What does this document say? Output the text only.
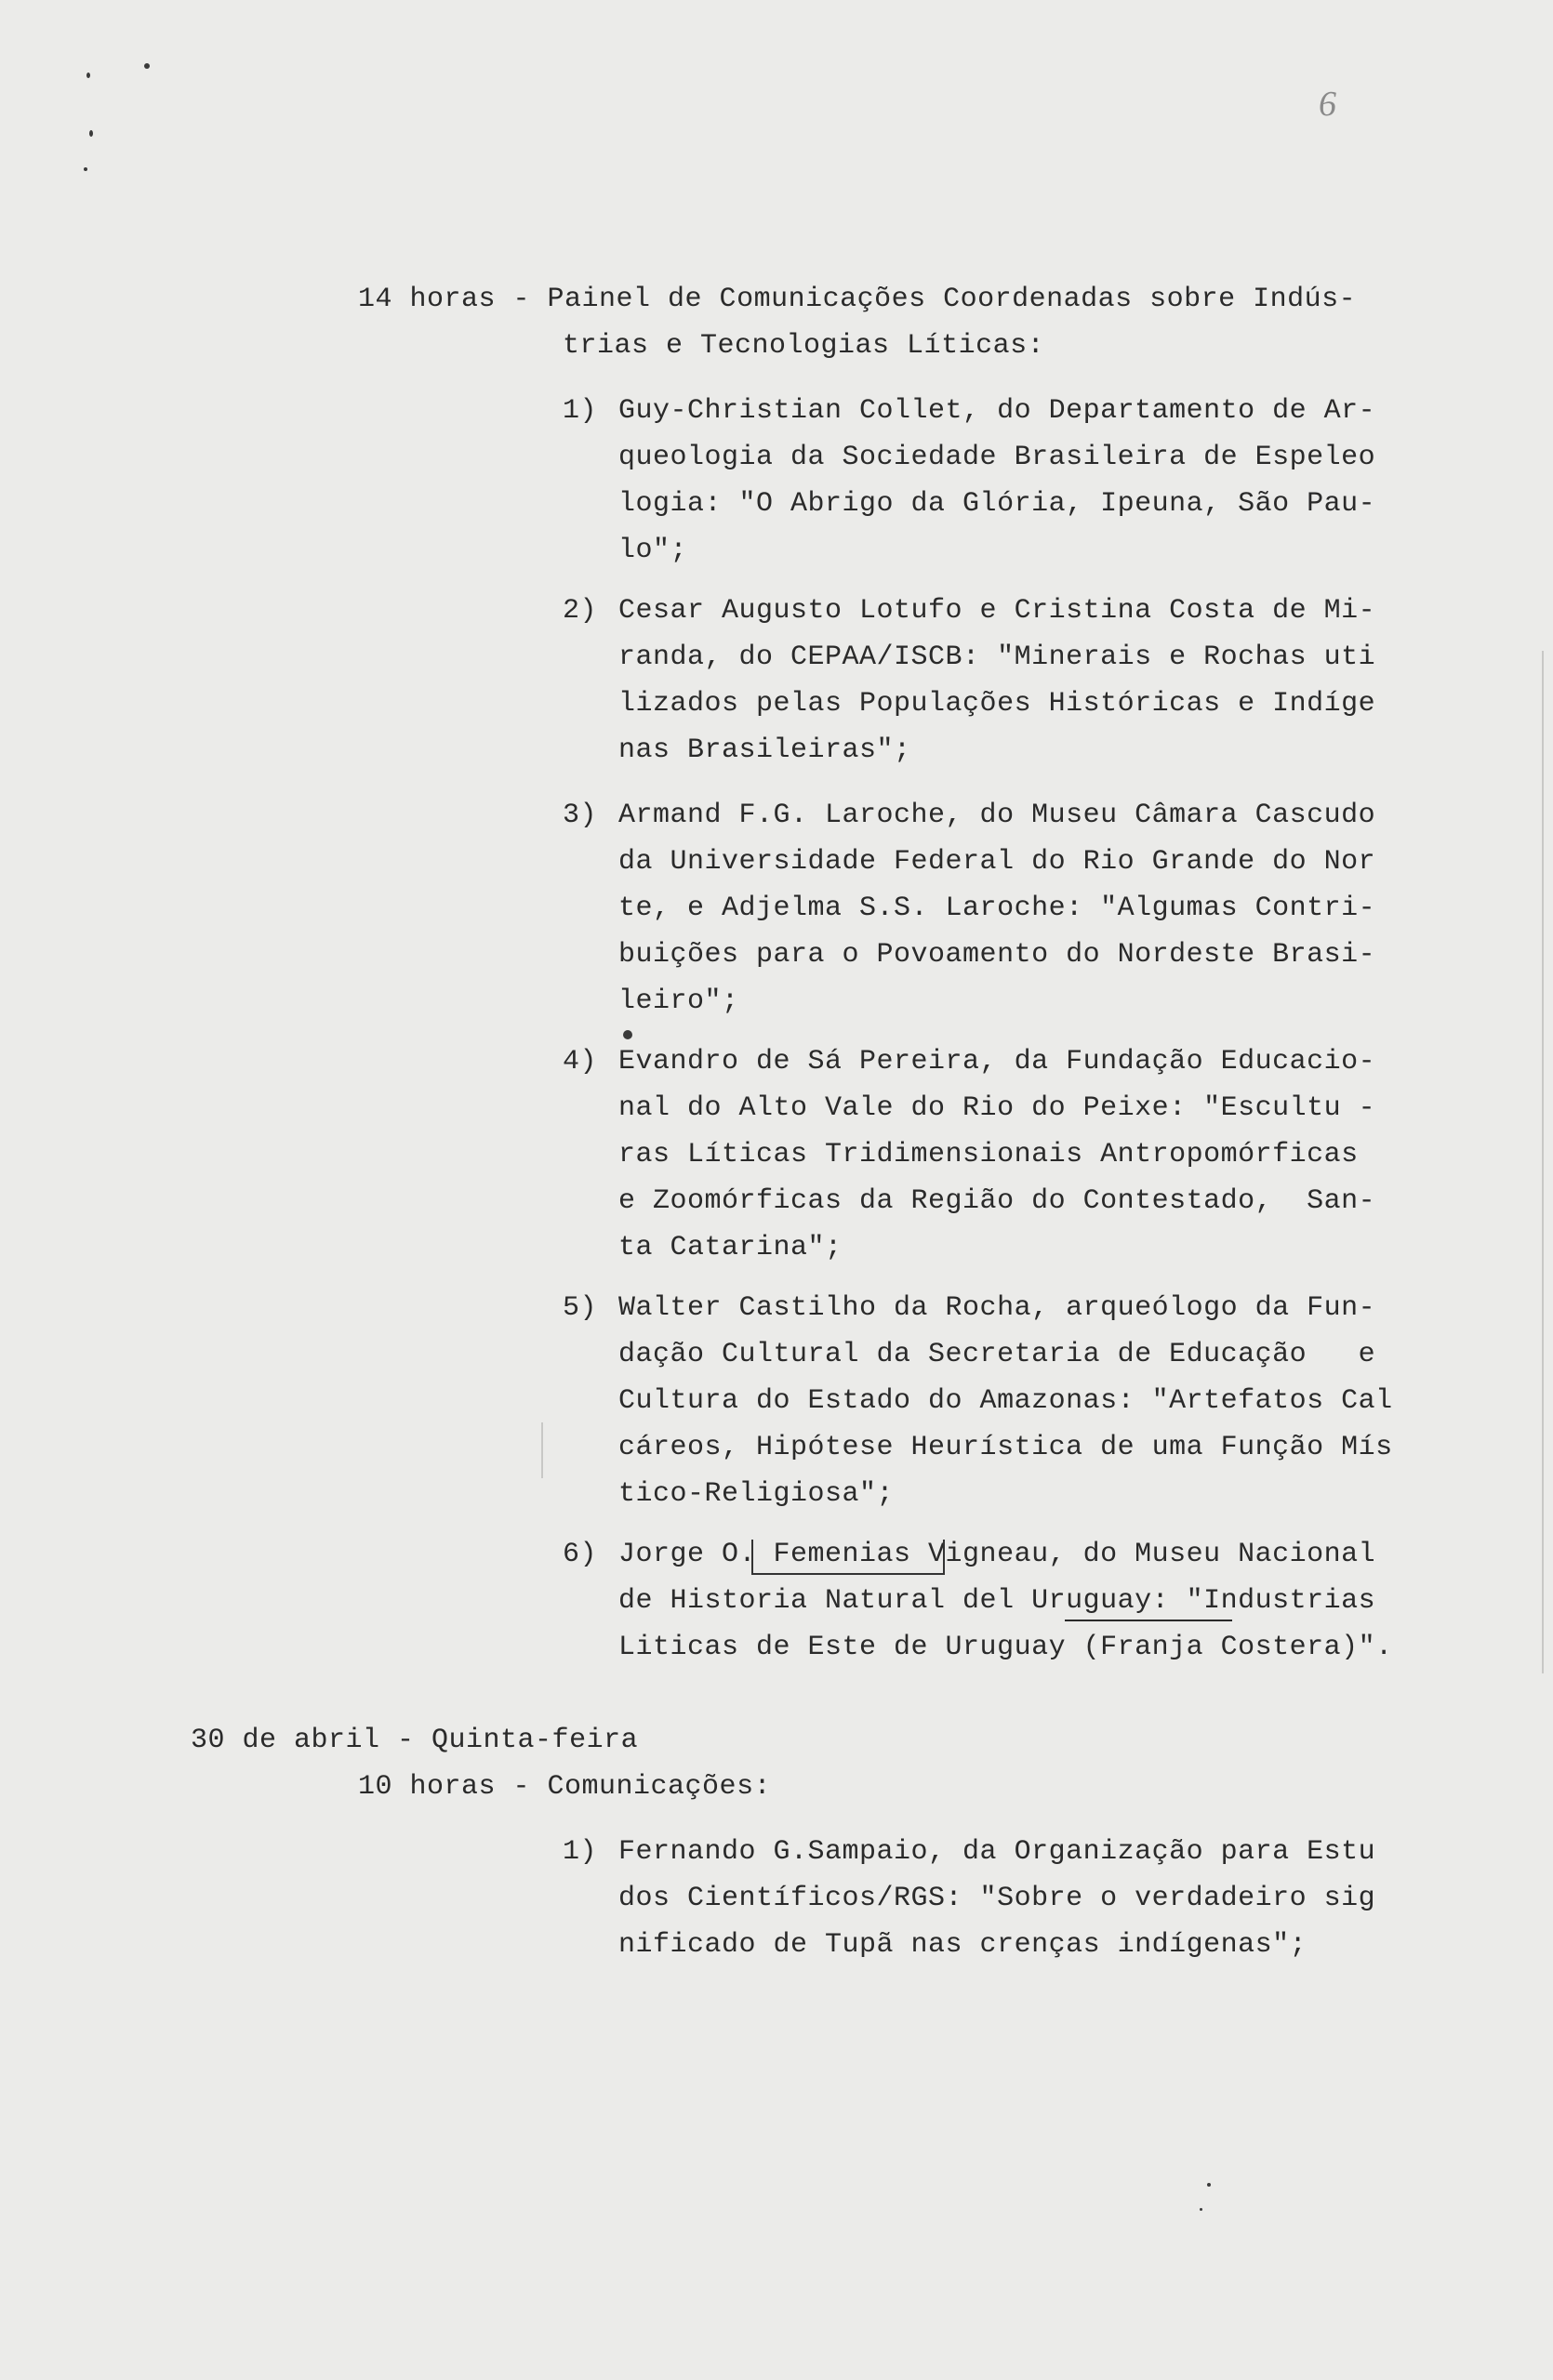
6
14 horas - Painel de Comunicações Coordenadas sobre Indús-
trias e Tecnologias Líticas:
1) Guy-Christian Collet, do Departamento de Ar-
queologia da Sociedade Brasileira de Espeleo
logia: "O Abrigo da Glória, Ipeuna, São Pau-
lo";
2) Cesar Augusto Lotufo e Cristina Costa de Mi-
randa, do CEPAA/ISCB: "Minerais e Rochas uti
lizados pelas Populações Históricas e Indíge
nas Brasileiras";
3) Armand F.G. Laroche, do Museu Câmara Cascudo
da Universidade Federal do Rio Grande do Nor
te, e Adjelma S.S. Laroche: "Algumas Contri-
buições para o Povoamento do Nordeste Brasi-
leiro";
4) Evandro de Sá Pereira, da Fundação Educacio-
nal do Alto Vale do Rio do Peixe: "Escultu -
ras Líticas Tridimensionais Antropomórficas
e Zoomórficas da Região do Contestado,  San-
ta Catarina";
5) Walter Castilho da Rocha, arqueólogo da Fun-
dação Cultural da Secretaria de Educação   e
Cultura do Estado do Amazonas: "Artefatos Cal
cáreos, Hipótese Heurística de uma Função Mís
tico-Religiosa";
6) Jorge O. Femenias Vigneau, do Museu Nacional
de Historia Natural del Uruguay: "Industrias
Liticas de Este de Uruguay (Franja Costera)".
30 de abril - Quinta-feira
10 horas - Comunicações:
1) Fernando G.Sampaio, da Organização para Estu
dos Científicos/RGS: "Sobre o verdadeiro sig
nificado de Tupã nas crenças indígenas";
